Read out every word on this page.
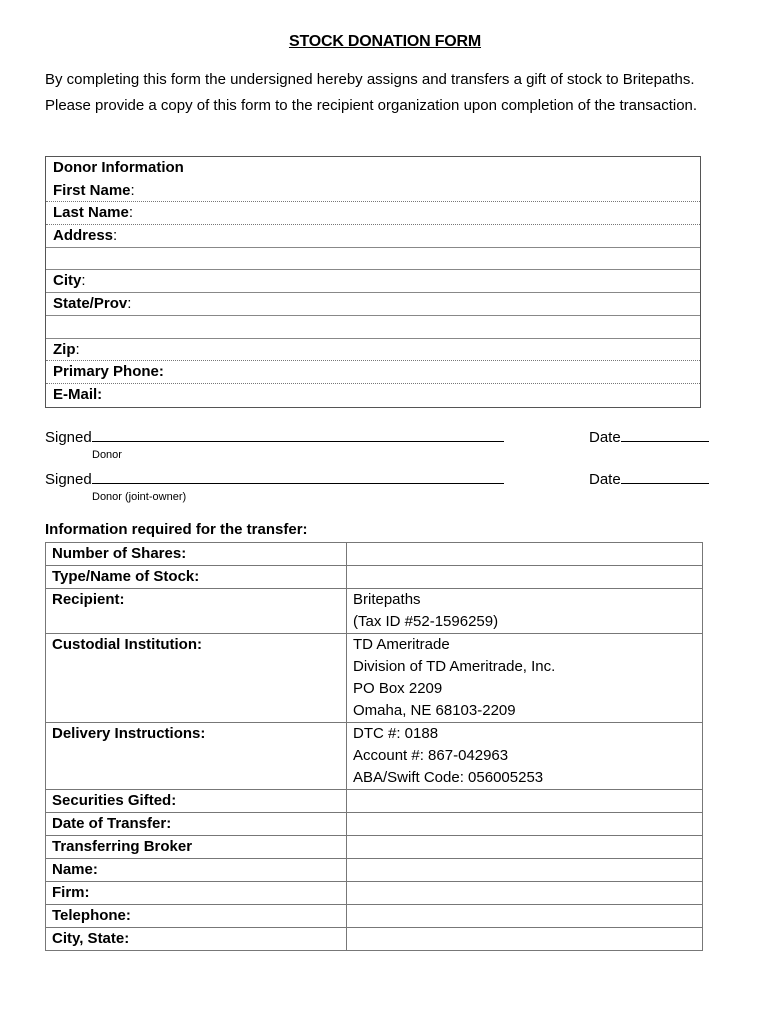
STOCK DONATION FORM
By completing this form the undersigned hereby assigns and transfers a gift of stock to Britepaths. Please provide a copy of this form to the recipient organization upon completion of the transaction.
Donor Information
First Name:
Last Name:
Address:
City:
State/Prov:
Zip:
Primary Phone:
E-Mail:
Signed	Date
Donor
Signed	Date
Donor (joint-owner)
Information required for the transfer:
Number of Shares:	
Type/Name of Stock:	
Recipient:	Britepaths
(Tax ID #52-1596259)

Custodial Institution:	TD Ameritrade
Division of TD Ameritrade, Inc.
PO Box 2209
Omaha, NE 68103-2209

Delivery Instructions:	DTC #: 0188
Account #: 867-042963
ABA/Swift Code: 056005253

Securities Gifted:	
Date of Transfer:	
Transferring Broker	
Name:	
Firm:	
Telephone:	
City, State:	
